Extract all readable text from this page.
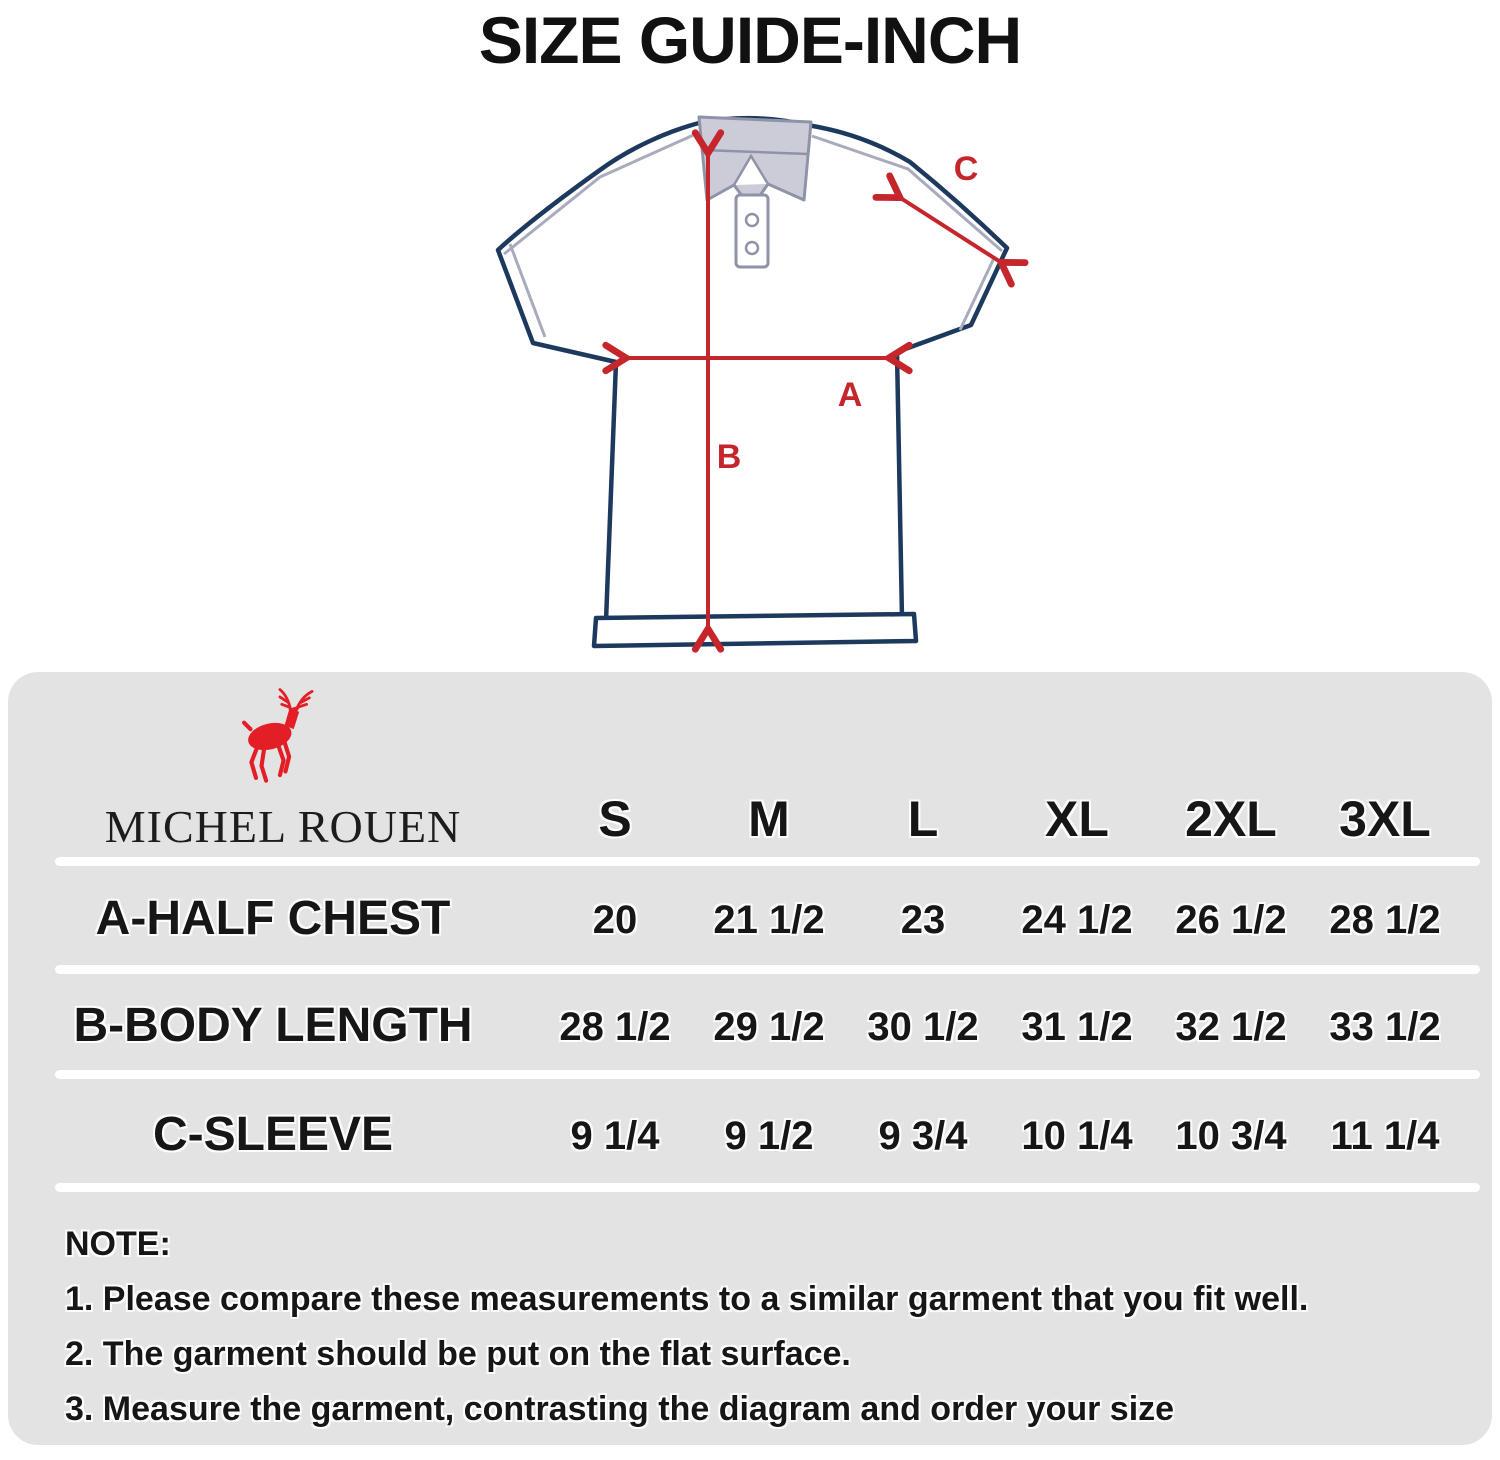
SIZE GUIDE-INCH
A
B
C
MICHEL ROUEN	S	M	L	XL	2XL	3XL
A-HALF CHEST	20	21 1/2	23	24 1/2	26 1/2	28 1/2
B-BODY LENGTH	28 1/2	29 1/2	30 1/2	31 1/2	32 1/2	33 1/2
C-SLEEVE	9 1/4	9 1/2	9 3/4	10 1/4	10 3/4	11 1/4
NOTE:
1. Please compare these measurements to a similar garment that you fit well.
2. The garment should be put on the flat surface.
3. Measure the garment, contrasting the diagram and order your size
